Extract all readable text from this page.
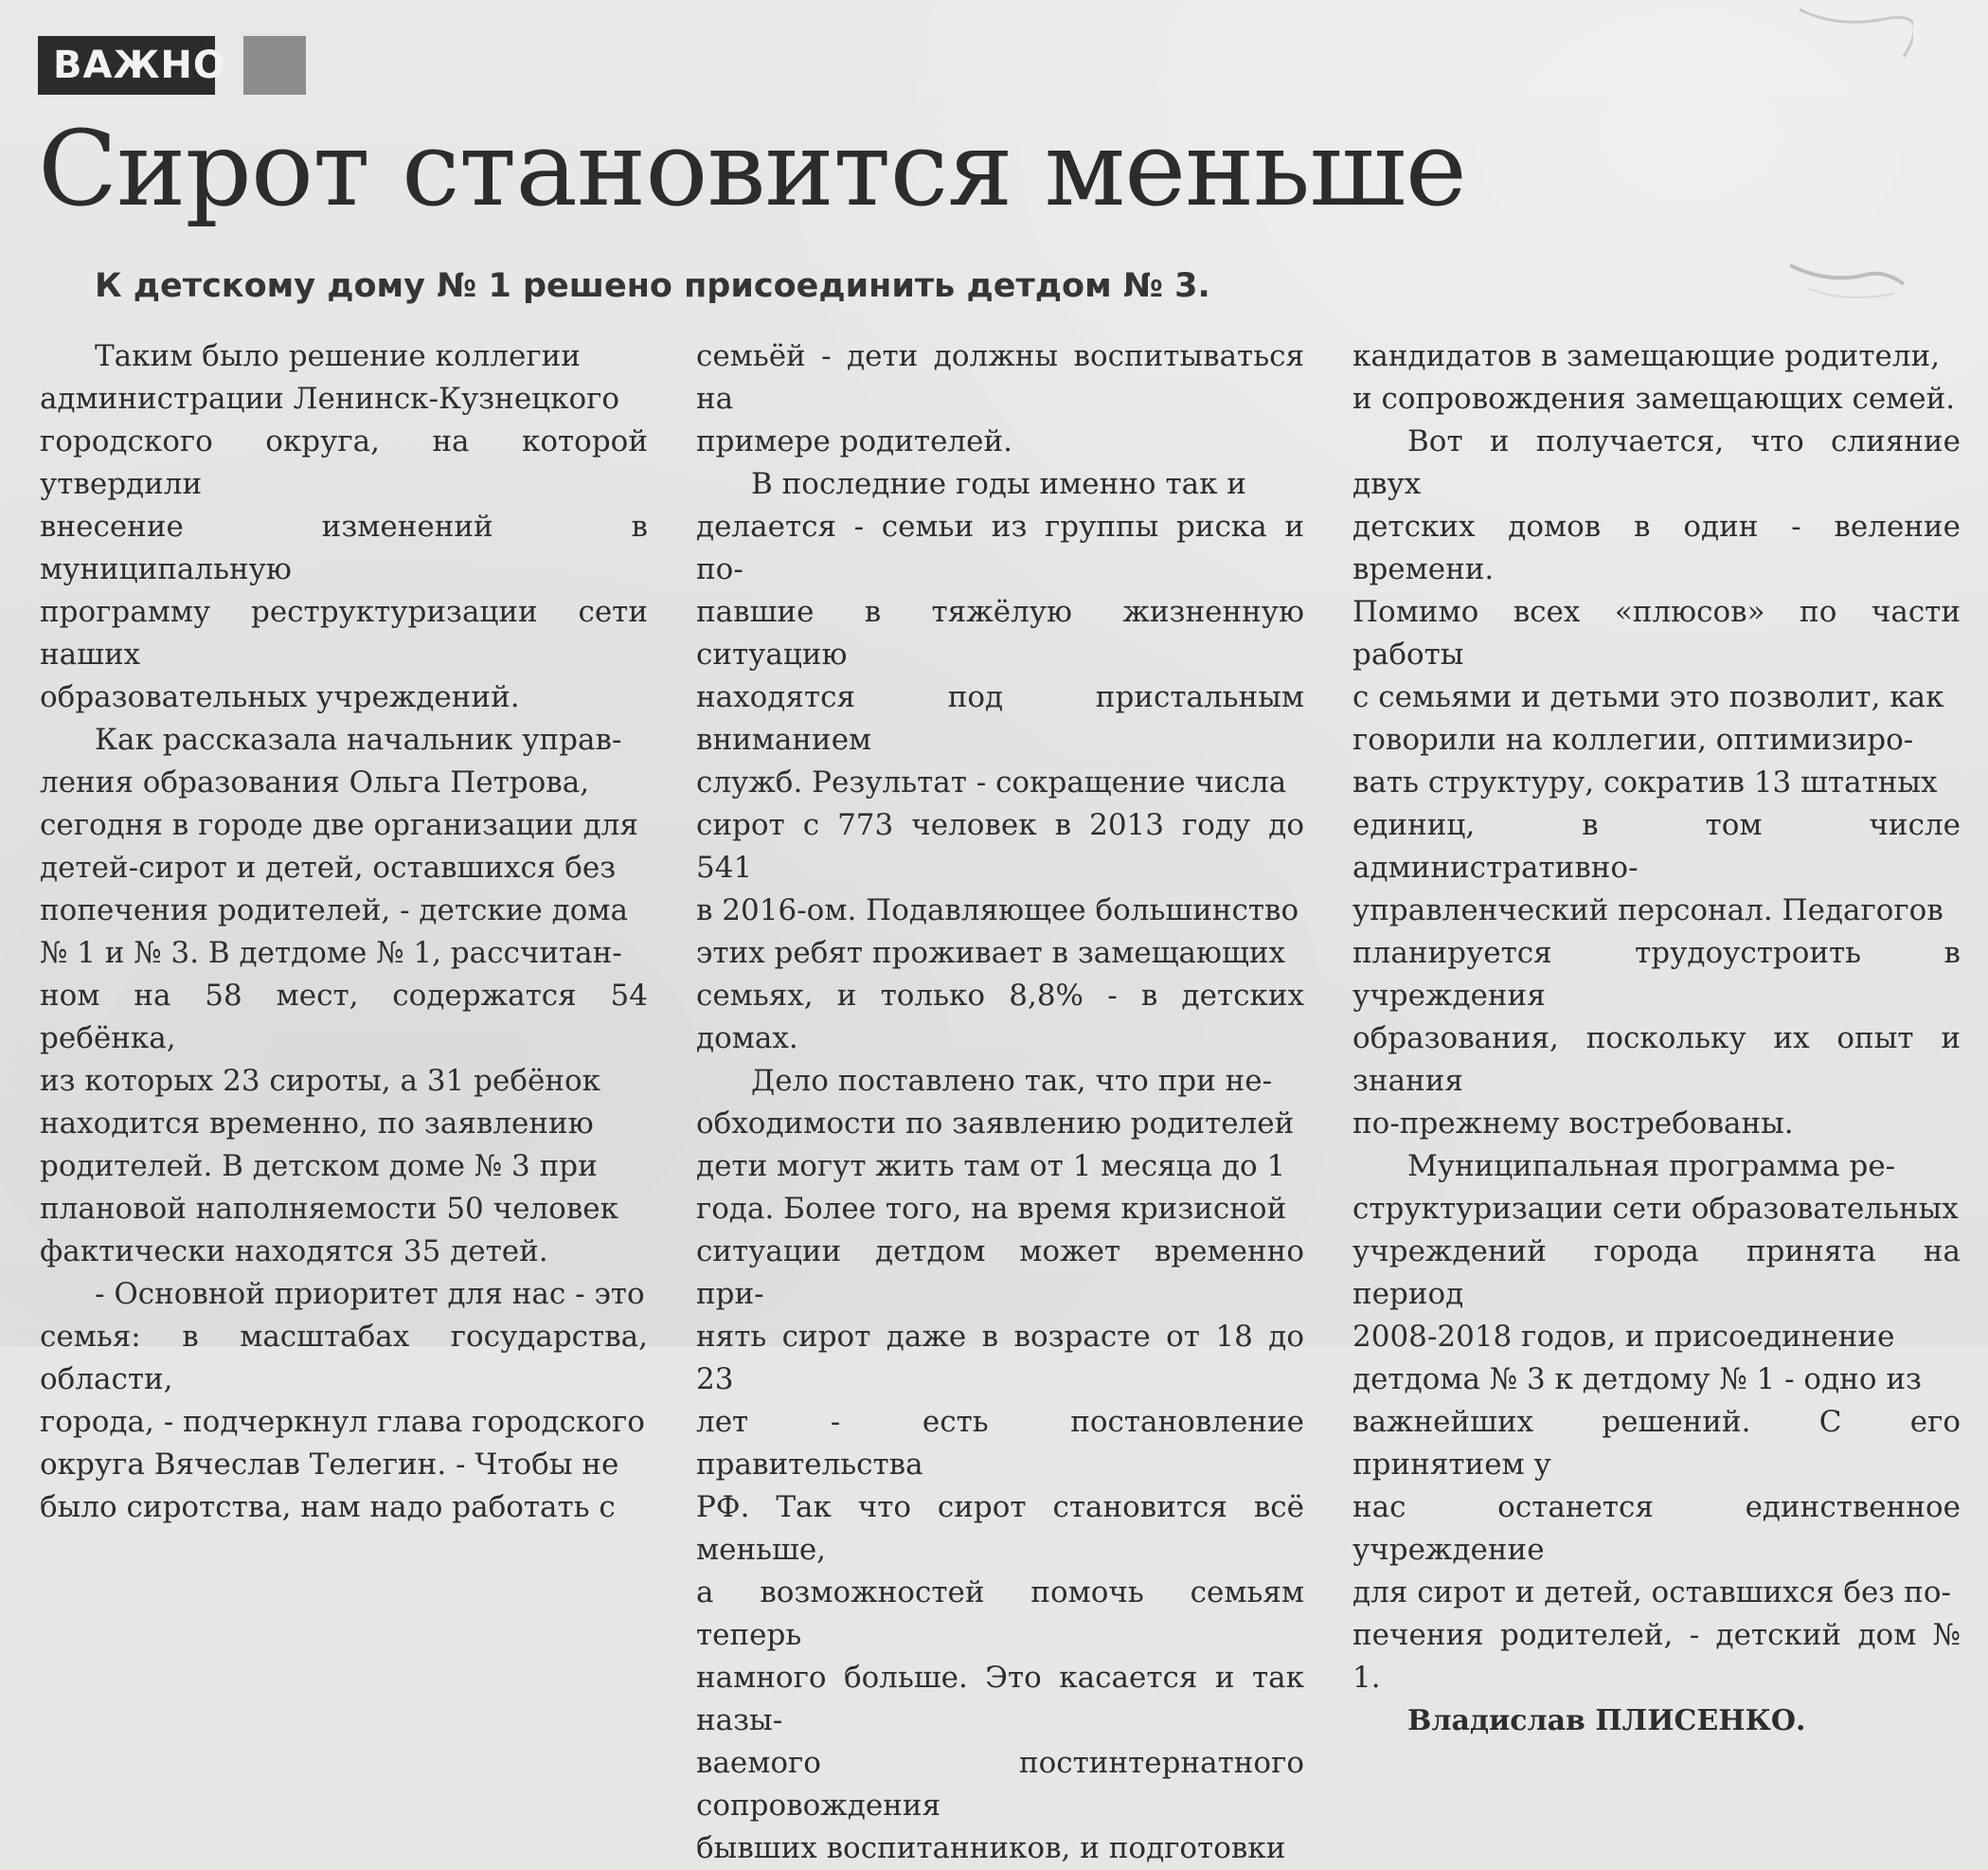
ВАЖНО
Сирот становится меньше
К детскому дому № 1 решено присоединить детдом № 3.

Таким было решение коллегии
администрации Ленинск-Кузнецкого
городского округа, на которой утвердили
внесение изменений в муниципальную
программу реструктуризации сети наших
образовательных учреждений.

Как рассказала начальник управ-
ления образования Ольга Петрова,
сегодня в городе две организации для
детей-сирот и детей, оставшихся без
попечения родителей, - детские дома
№ 1 и № 3. В детдоме № 1, рассчитан-
ном на 58 мест, содержатся 54 ребёнка,
из которых 23 сироты, а 31 ребёнок
находится временно, по заявлению
родителей. В детском доме № 3 при
плановой наполняемости 50 человек
фактически находятся 35 детей.

- Основной приоритет для нас - это
семья: в масштабах государства, области,
города, - подчеркнул глава городского
округа Вячеслав Телегин. - Чтобы не
было сиротства, нам надо работать с

семьёй - дети должны воспитываться на
примере родителей.

В последние годы именно так и
делается - семьи из группы риска и по-
павшие в тяжёлую жизненную ситуацию
находятся под пристальным вниманием
служб. Результат - сокращение числа
сирот с 773 человек в 2013 году до 541
в 2016-ом. Подавляющее большинство
этих ребят проживает в замещающих
семьях, и только 8,8% - в детских домах.

Дело поставлено так, что при не-
обходимости по заявлению родителей
дети могут жить там от 1 месяца до 1
года. Более того, на время кризисной
ситуации детдом может временно при-
нять сирот даже в возрасте от 18 до 23
лет - есть постановление правительства
РФ. Так что сирот становится всё меньше,
а возможностей помочь семьям теперь
намного больше. Это касается и так назы-
ваемого постинтернатного сопровождения
бывших воспитанников, и подготовки

кандидатов в замещающие родители,
и сопровождения замещающих семей.

Вот и получается, что слияние двух
детских домов в один - веление времени.
Помимо всех «плюсов» по части работы
с семьями и детьми это позволит, как
говорили на коллегии, оптимизиро-
вать структуру, сократив 13 штатных
единиц, в том числе административно-
управленческий персонал. Педагогов
планируется трудоустроить в учреждения
образования, поскольку их опыт и знания
по-прежнему востребованы.

Муниципальная программа ре-
структуризации сети образовательных
учреждений города принята на период
2008-2018 годов, и присоединение
детдома № 3 к детдому № 1 - одно из
важнейших решений. С его принятием у
нас останется единственное учреждение
для сирот и детей, оставшихся без по-
печения родителей, - детский дом № 1.

Владислав ПЛИСЕНКО.
